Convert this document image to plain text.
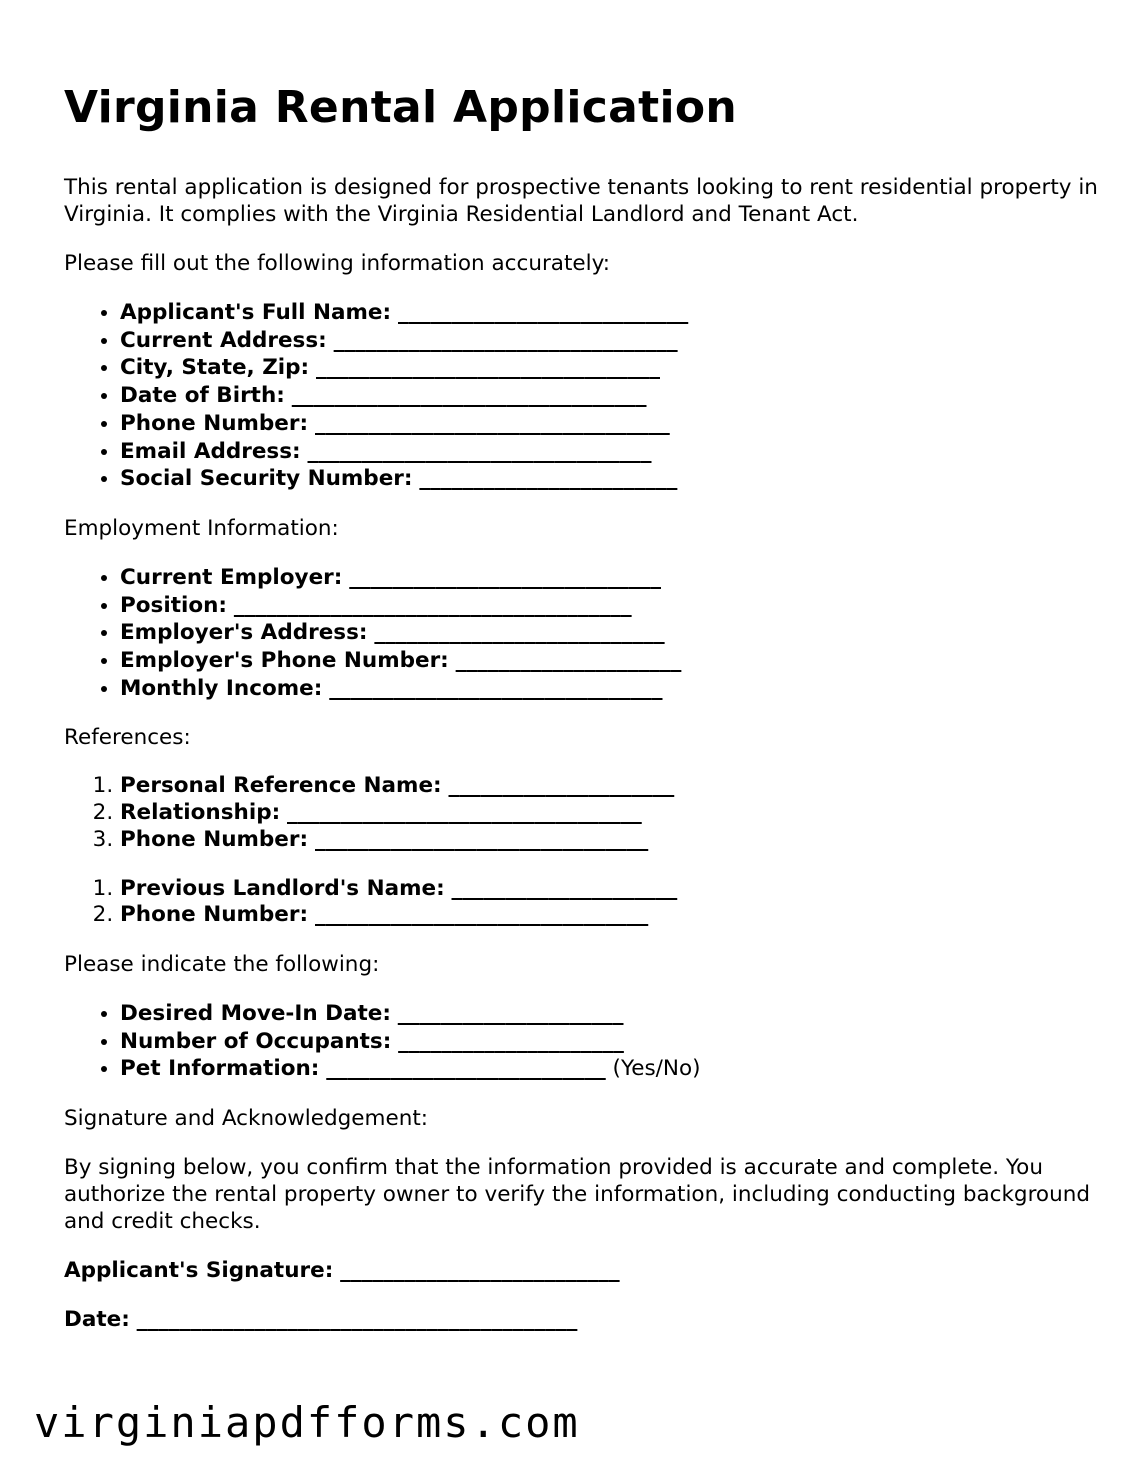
Virginia Rental Application

This rental application is designed for prospective tenants looking to rent residential property in Virginia. It complies with the Virginia Residential Landlord and Tenant Act.

Please fill out the following information accurately:

• Applicant's Full Name: ___________________________
• Current Address: ________________________________
• City, State, Zip: ________________________________
• Date of Birth: _________________________________
• Phone Number: _________________________________
• Email Address: ________________________________
• Social Security Number: ________________________

Employment Information:

• Current Employer: _____________________________
• Position: _____________________________________
• Employer's Address: ___________________________
• Employer's Phone Number: _____________________
• Monthly Income: _______________________________

References:

1. Personal Reference Name: _____________________
2. Relationship: _________________________________
3. Phone Number: _______________________________
1. Previous Landlord's Name: _____________________
2. Phone Number: _______________________________

Please indicate the following:

• Desired Move-In Date: _____________________
• Number of Occupants: _____________________
• Pet Information: __________________________ (Yes/No)

Signature and Acknowledgement:

By signing below, you confirm that the information provided is accurate and complete. You authorize the rental property owner to verify the information, including conducting background and credit checks.

Applicant's Signature: __________________________
Date: _________________________________________
virginiapdfforms.com
